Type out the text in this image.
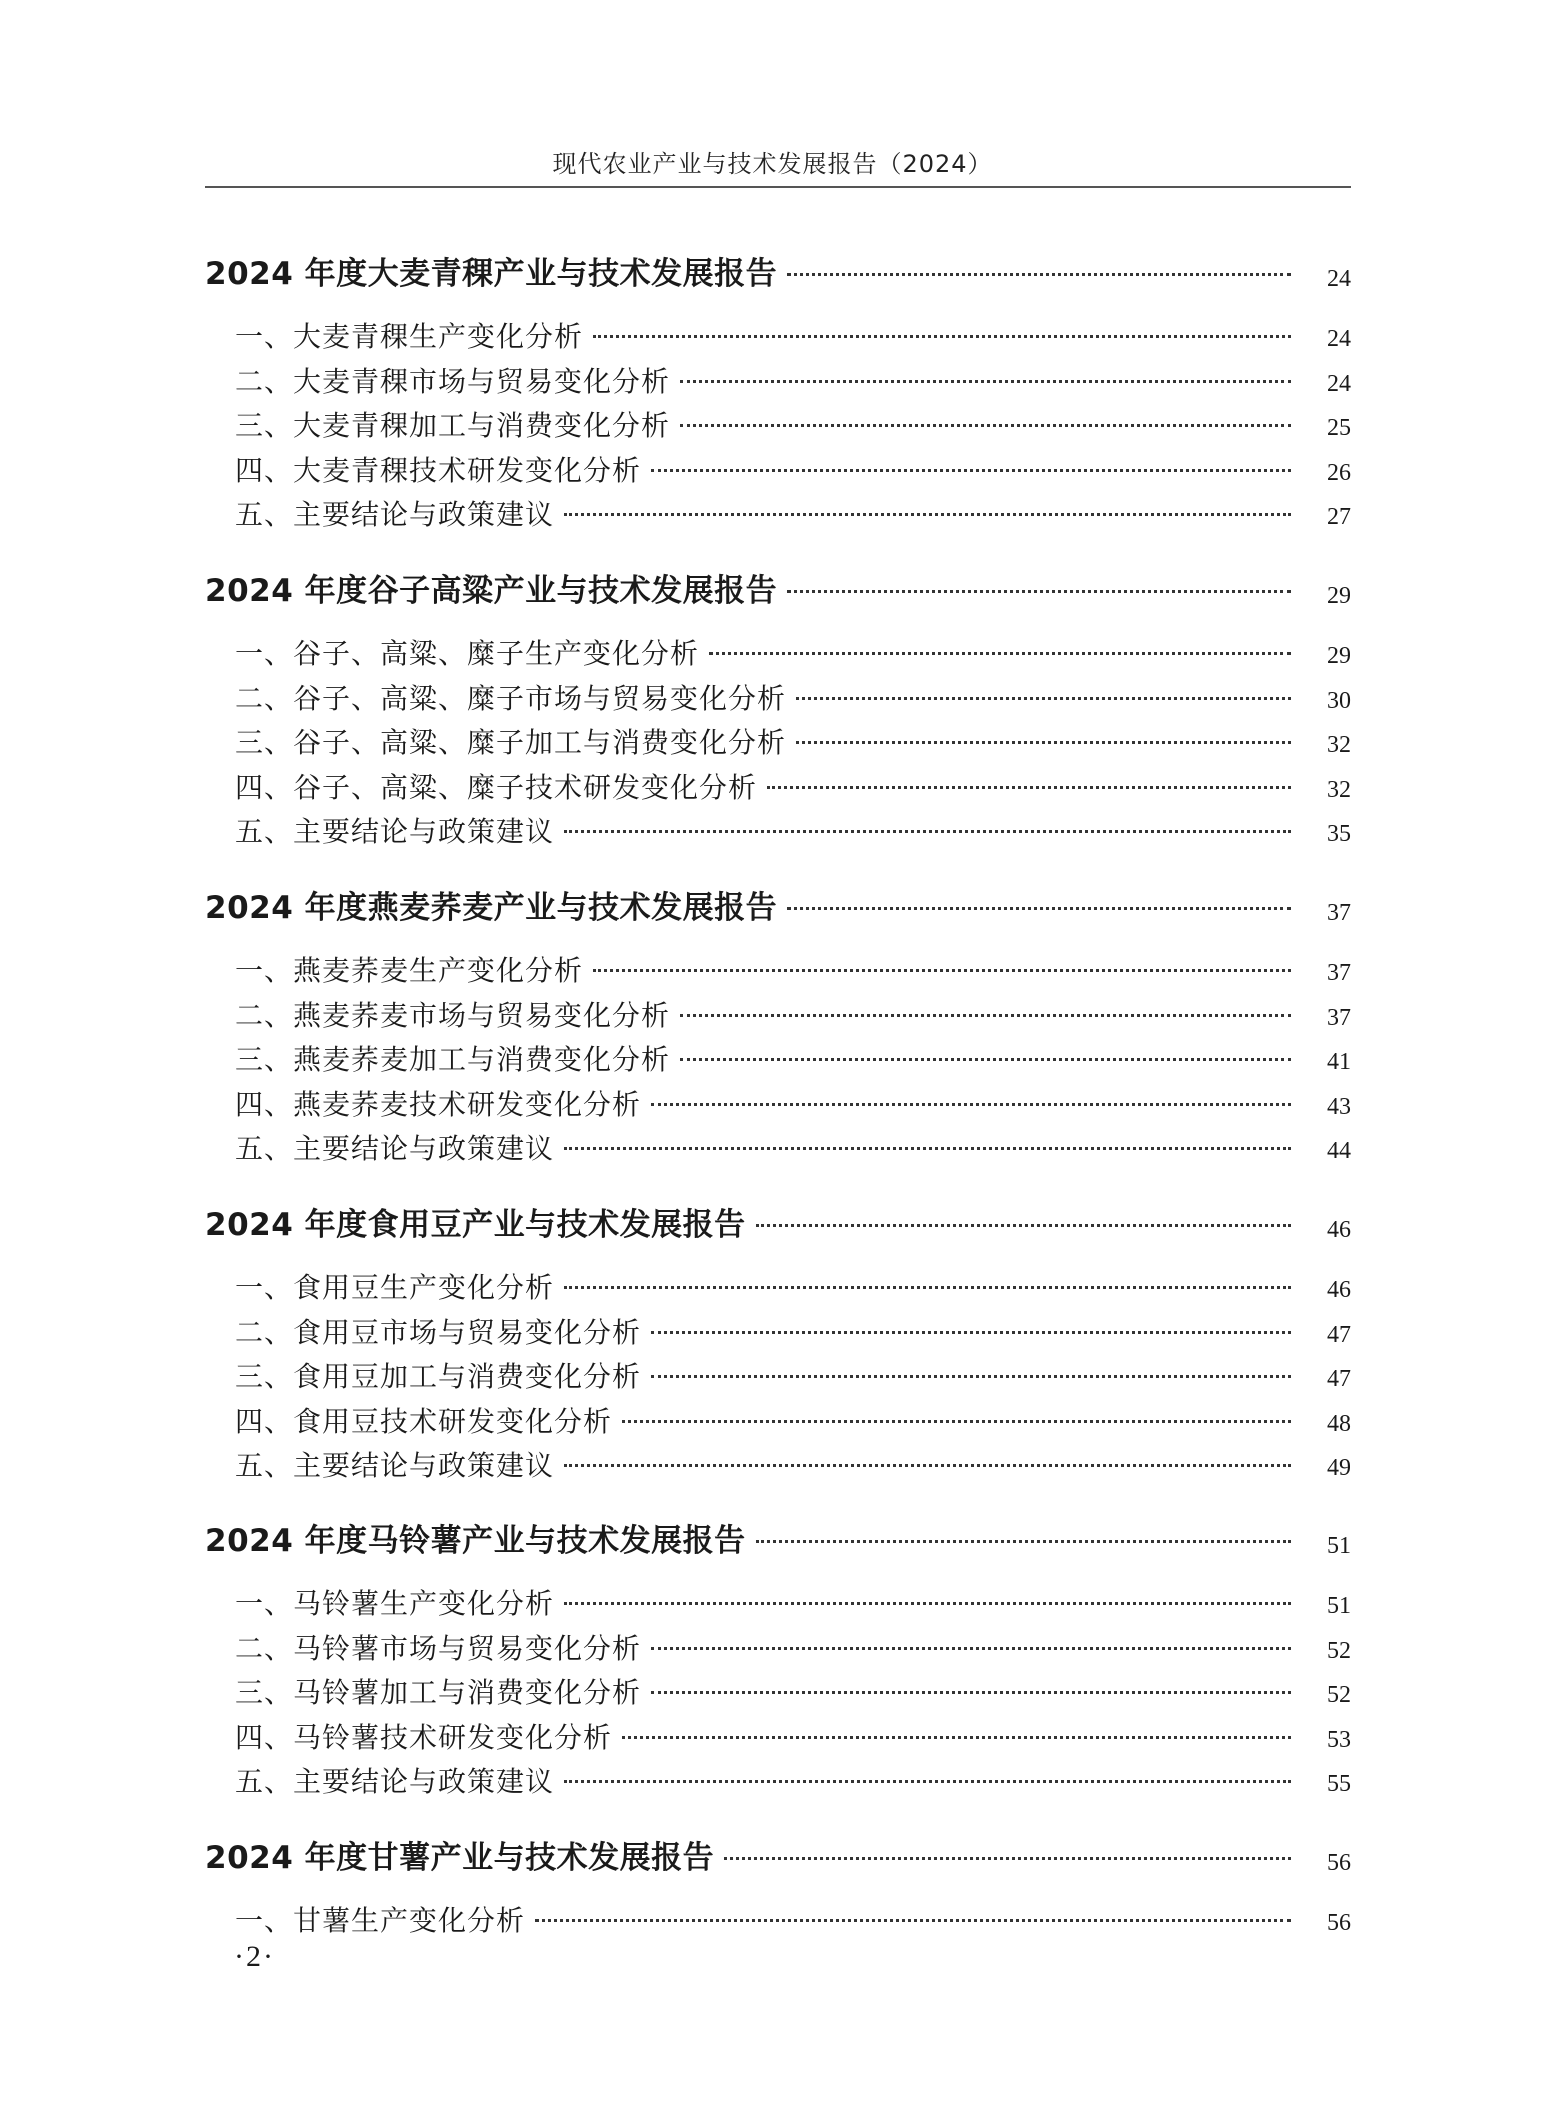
现代农业产业与技术发展报告（2024）
2024 年度大麦青稞产业与技术发展报告	24
一、大麦青稞生产变化分析	24
二、大麦青稞市场与贸易变化分析	24
三、大麦青稞加工与消费变化分析	25
四、大麦青稞技术研发变化分析	26
五、主要结论与政策建议	27
2024 年度谷子高粱产业与技术发展报告	29
一、谷子、高粱、糜子生产变化分析	29
二、谷子、高粱、糜子市场与贸易变化分析	30
三、谷子、高粱、糜子加工与消费变化分析	32
四、谷子、高粱、糜子技术研发变化分析	32
五、主要结论与政策建议	35
2024 年度燕麦荞麦产业与技术发展报告	37
一、燕麦荞麦生产变化分析	37
二、燕麦荞麦市场与贸易变化分析	37
三、燕麦荞麦加工与消费变化分析	41
四、燕麦荞麦技术研发变化分析	43
五、主要结论与政策建议	44
2024 年度食用豆产业与技术发展报告	46
一、食用豆生产变化分析	46
二、食用豆市场与贸易变化分析	47
三、食用豆加工与消费变化分析	47
四、食用豆技术研发变化分析	48
五、主要结论与政策建议	49
2024 年度马铃薯产业与技术发展报告	51
一、马铃薯生产变化分析	51
二、马铃薯市场与贸易变化分析	52
三、马铃薯加工与消费变化分析	52
四、马铃薯技术研发变化分析	53
五、主要结论与政策建议	55
2024 年度甘薯产业与技术发展报告	56
一、甘薯生产变化分析	56
·2·
